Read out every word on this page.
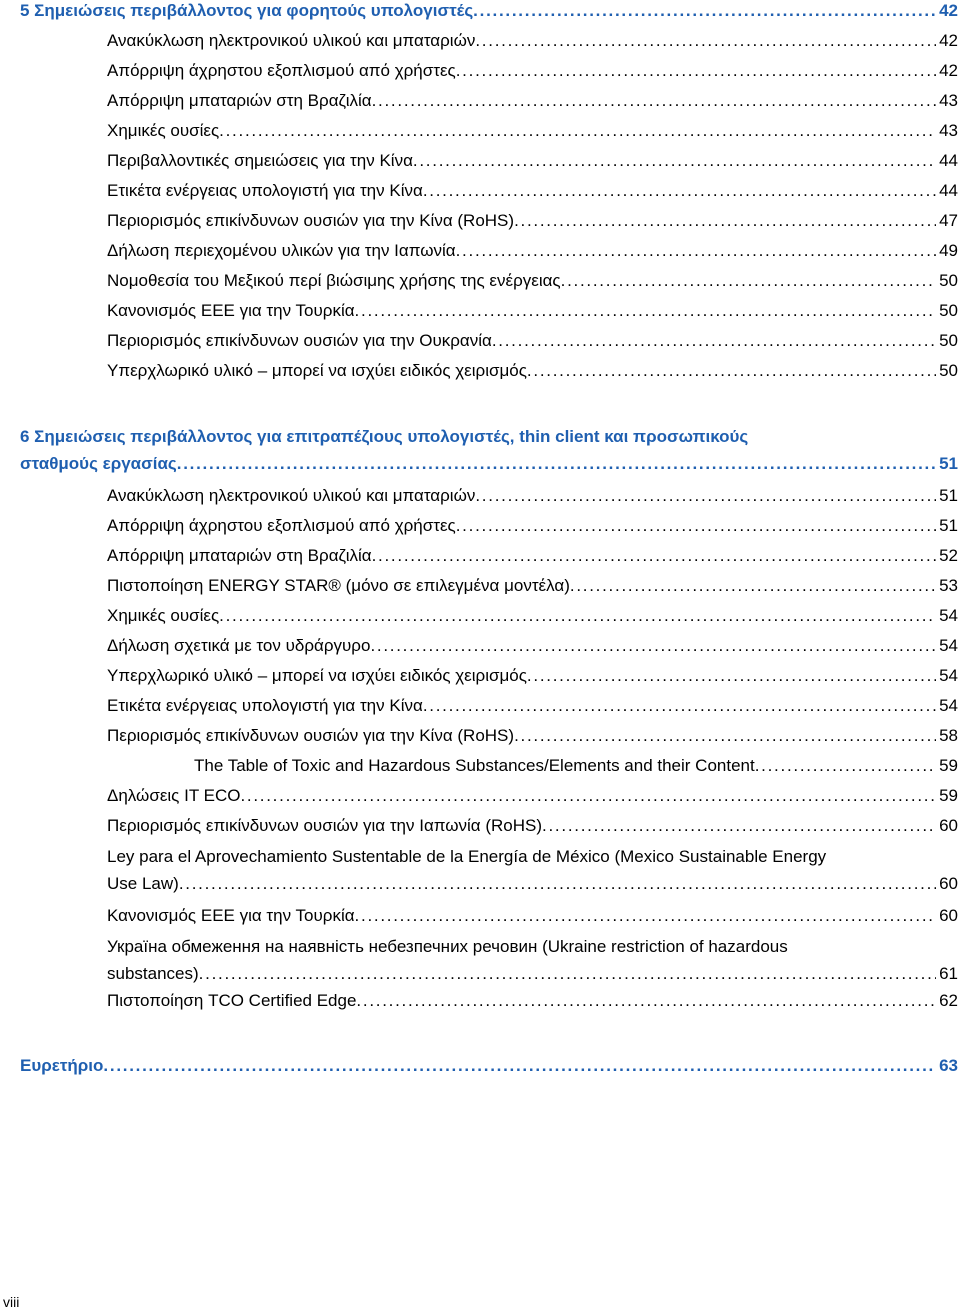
5 Σημειώσεις περιβάλλοντος για φορητούς υπολογιστές . . .	42
Ανακύκλωση ηλεκτρονικού υλικού και μπαταριών . . .	42
Απόρριψη άχρηστου εξοπλισμού από χρήστες . . .	42
Απόρριψη μπαταριών στη Βραζιλία . . .	43
Χημικές ουσίες . . .	43
Περιβαλλοντικές σημειώσεις για την Κίνα . . .	44
Ετικέτα ενέργειας υπολογιστή για την Κίνα . . .	44
Περιορισμός επικίνδυνων ουσιών για την Κίνα (RoHS) . . .	47
Δήλωση περιεχομένου υλικών για την Ιαπωνία . . .	49
Νομοθεσία του Μεξικού περί βιώσιμης χρήσης της ενέργειας . . .	50
Κανονισμός EEE για την Τουρκία . . .	50
Περιορισμός επικίνδυνων ουσιών για την Ουκρανία . . .	50
Υπερχλωρικό υλικό – μπορεί να ισχύει ειδικός χειρισμός . . .	50
6 Σημειώσεις περιβάλλοντος για επιτραπέζιους υπολογιστές, thin client και προσωπικούς
σταθμούς εργασίας . . .	51
Ανακύκλωση ηλεκτρονικού υλικού και μπαταριών . . .	51
Απόρριψη άχρηστου εξοπλισμού από χρήστες . . .	51
Απόρριψη μπαταριών στη Βραζιλία . . .	52
Πιστοποίηση ENERGY STAR® (μόνο σε επιλεγμένα μοντέλα) . . .	53
Χημικές ουσίες . . .	54
Δήλωση σχετικά με τον υδράργυρο . . .	54
Υπερχλωρικό υλικό – μπορεί να ισχύει ειδικός χειρισμός . . .	54
Ετικέτα ενέργειας υπολογιστή για την Κίνα . . .	54
Περιορισμός επικίνδυνων ουσιών για την Κίνα (RoHS) . . .	58
The Table of Toxic and Hazardous Substances/Elements and their Content . . .	59
Δηλώσεις IT ECO . . .	59
Περιορισμός επικίνδυνων ουσιών για την Ιαπωνία (RoHS) . . .	60
Ley para el Aprovechamiento Sustentable de la Energía de México (Mexico Sustainable Energy
Use Law) . . .	60
Κανονισμός EEE για την Τουρκία . . .	60
Україна обмеження на наявність небезпечних речовин (Ukraine restriction of hazardous
substances) . . .	61
Πιστοποίηση TCO Certified Edge . . .	62
Ευρετήριο . . .	63
viii
